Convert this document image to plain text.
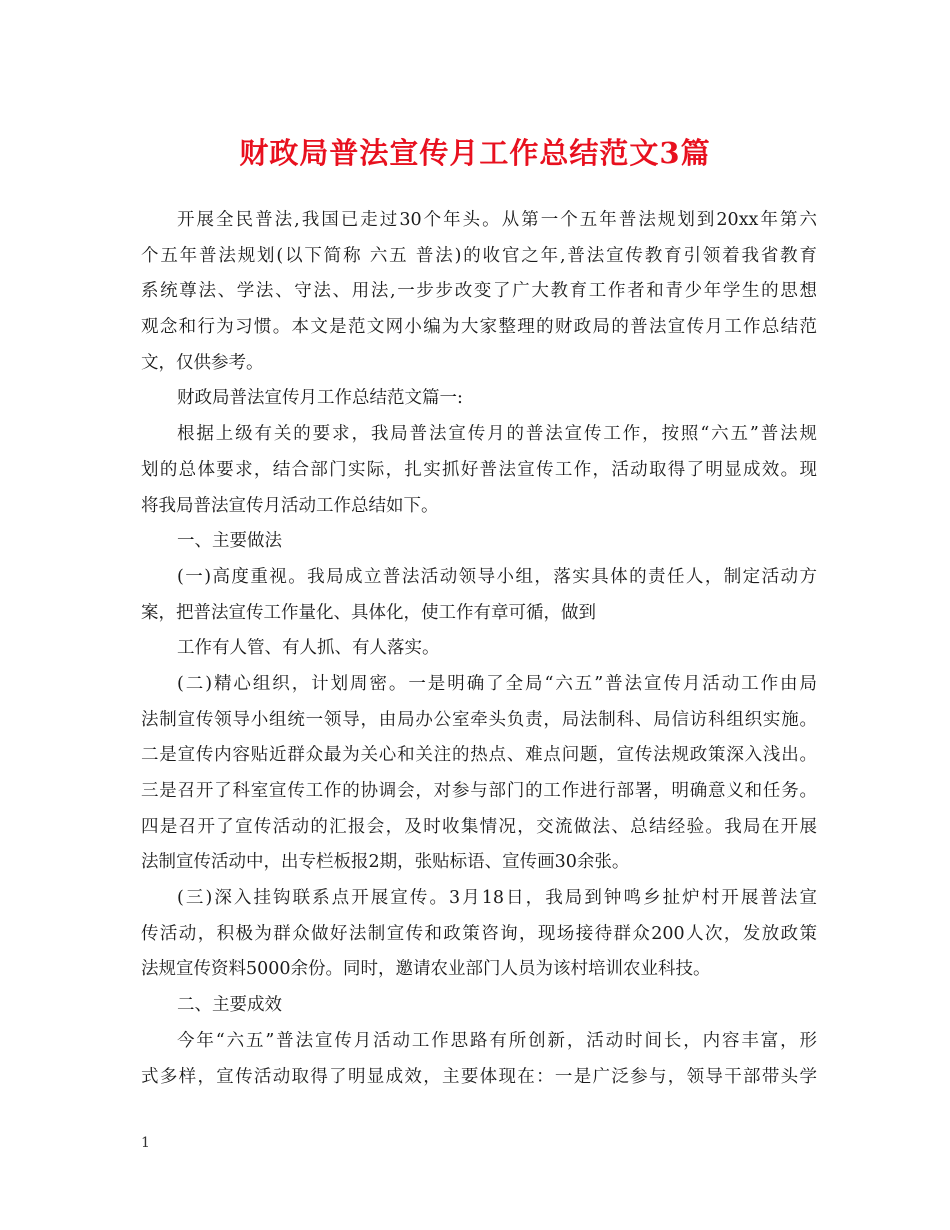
财政局普法宣传月工作总结范文3篇
开展全民普法,我国已走过30个年头。从第一个五年普法规划到20xx年第六
个五年普法规划(以下简称 六五 普法)的收官之年,普法宣传教育引领着我省教育
系统尊法、学法、守法、用法,一步步改变了广大教育工作者和青少年学生的思想
观念和行为习惯。本文是范文网小编为大家整理的财政局的普法宣传月工作总结范
文，仅供参考。
财政局普法宣传月工作总结范文篇一:
根据上级有关的要求，我局普法宣传月的普法宣传工作，按照“六五”普法规
划的总体要求，结合部门实际，扎实抓好普法宣传工作，活动取得了明显成效。现
将我局普法宣传月活动工作总结如下。
一、主要做法
(一)高度重视。我局成立普法活动领导小组，落实具体的责任人，制定活动方
案，把普法宣传工作量化、具体化，使工作有章可循，做到
工作有人管、有人抓、有人落实。
(二)精心组织，计划周密。一是明确了全局“六五”普法宣传月活动工作由局
法制宣传领导小组统一领导，由局办公室牵头负责，局法制科、局信访科组织实施。
二是宣传内容贴近群众最为关心和关注的热点、难点问题，宣传法规政策深入浅出。
三是召开了科室宣传工作的协调会，对参与部门的工作进行部署，明确意义和任务。
四是召开了宣传活动的汇报会，及时收集情况，交流做法、总结经验。我局在开展
法制宣传活动中，出专栏板报2期，张贴标语、宣传画30余张。
(三)深入挂钩联系点开展宣传。3月18日，我局到钟鸣乡扯炉村开展普法宣
传活动，积极为群众做好法制宣传和政策咨询，现场接待群众200人次，发放政策
法规宣传资料5000余份。同时，邀请农业部门人员为该村培训农业科技。
二、主要成效
今年“六五”普法宣传月活动工作思路有所创新，活动时间长，内容丰富，形
式多样，宣传活动取得了明显成效，主要体现在：一是广泛参与，领导干部带头学
1
